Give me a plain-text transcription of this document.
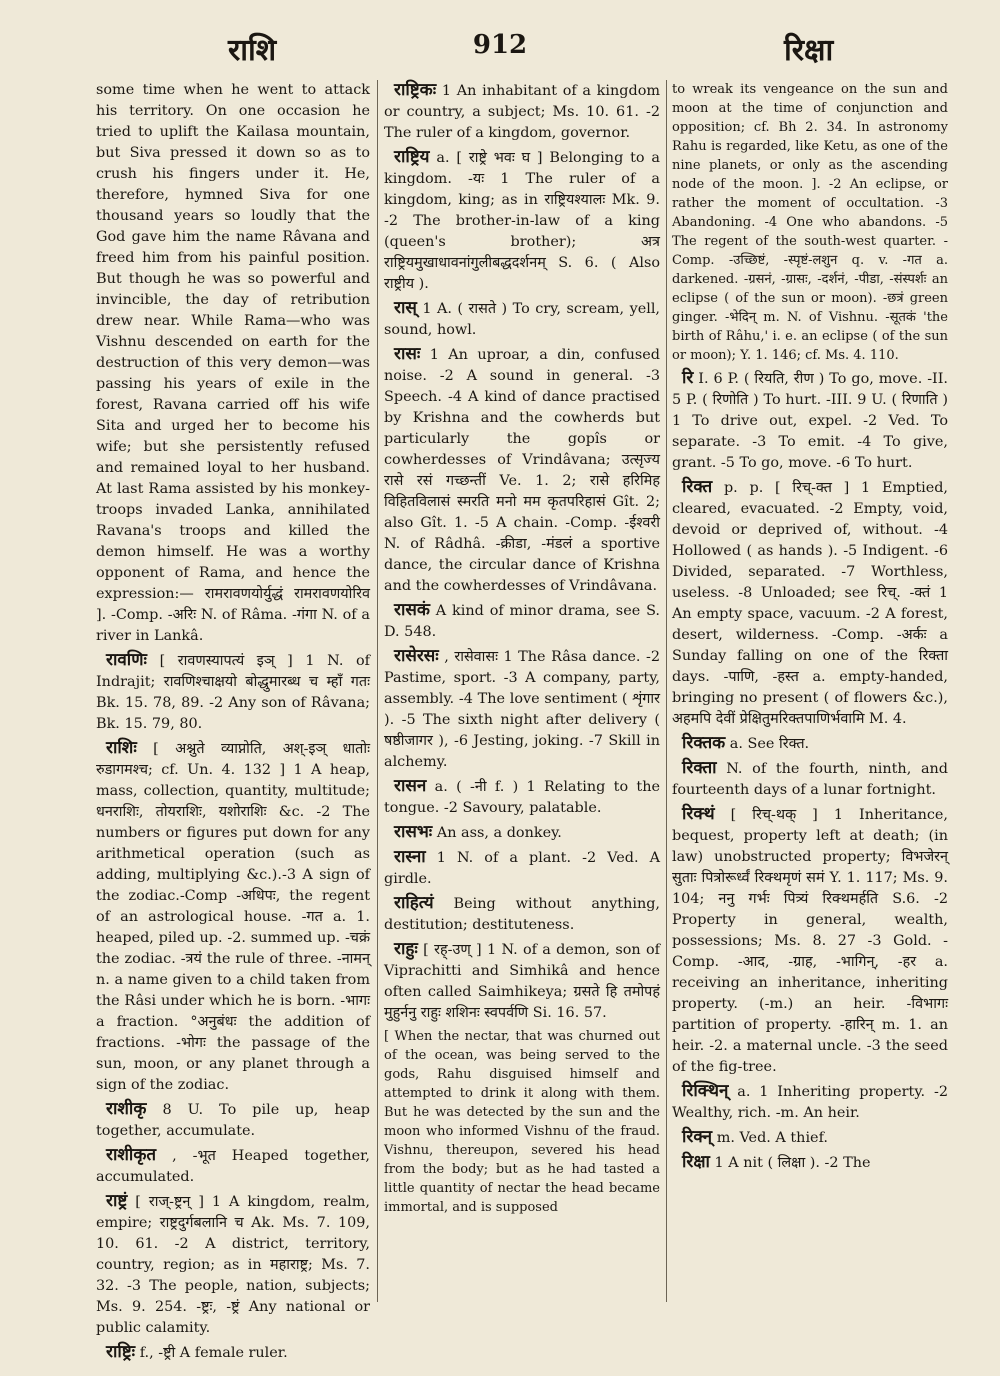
राशि	912	रिक्षा

some time when he went to attack his territory. On one occasion he tried to uplift the Kailasa mountain, but Siva pressed it down so as to crush his fingers under it. He, therefore, hymned Siva for one thousand years so loudly that the God gave him the name Râvana and freed him from his painful position. But though he was so powerful and invincible, the day of retribution drew near. While Rama—who was Vishnu descended on earth for the destruction of this very demon—was passing his years of exile in the forest, Ravana carried off his wife Sita and urged her to become his wife; but she persistently refused and remained loyal to her husband. At last Rama assisted by his monkey-troops invaded Lanka, annihilated Ravana's troops and killed the demon himself. He was a worthy opponent of Rama, and hence the expression:— रामरावणयोर्युद्धं रामरावणयोरिव ]. -Comp. -अरिः N. of Râma. -गंगा N. of a river in Lankâ.

रावणिः [ रावणस्यापत्यं इञ् ] 1 N. of Indrajit; रावणिश्चाक्षयो बोद्धुमारब्ध च म्हाँ गतः Bk. 15. 78, 89. -2 Any son of Râvana; Bk. 15. 79, 80.

राशिः [ अश्नुते व्याप्नोति, अश्-इञ् धातोः रुडागमश्च; cf. Un. 4. 132 ] 1 A heap, mass, collection, quantity, multitude; धनराशिः, तोयराशिः, यशोराशिः &c. -2 The numbers or figures put down for any arithmetical operation (such as adding, multiplying &c.).-3 A sign of the zodiac.-Comp -अधिपः, the regent of an astrological house. -गत a. 1. heaped, piled up. -2. summed up. -चक्रं the zodiac. -त्रयं the rule of three. -नामन् n. a name given to a child taken from the Râsi under which he is born. -भागः a fraction. °अनुबंधः the addition of fractions. -भोगः the passage of the sun, moon, or any planet through a sign of the zodiac.

राशीकृ 8 U. To pile up, heap together, accumulate.

राशीकृत , -भूत Heaped together, accumulated.

राष्ट्रं [ राज्-ष्ट्रन् ] 1 A kingdom, realm, empire; राष्ट्रदुर्गबलानि च Ak. Ms. 7. 109, 10. 61. -2 A district, territory, country, region; as in महाराष्ट्र; Ms. 7. 32. -3 The people, nation, subjects; Ms. 9. 254. -ष्ट्रः, -ष्ट्रं Any national or public calamity.

राष्ट्रिः f., -ष्ट्री A female ruler.

राष्ट्रिकः 1 An inhabitant of a kingdom or country, a subject; Ms. 10. 61. -2 The ruler of a kingdom, governor.

राष्ट्रिय a. [ राष्ट्रे भवः घ ] Belonging to a kingdom. -यः 1 The ruler of a kingdom, king; as in राष्ट्रियश्यालः Mk. 9. -2 The brother-in-law of a king (queen's brother); अत्र राष्ट्रियमुखाधावनांगुलीबद्धदर्शनम् S. 6. ( Also राष्ट्रीय ).

रास् 1 A. ( रासते ) To cry, scream, yell, sound, howl.

रासः 1 An uproar, a din, confused noise. -2 A sound in general. -3 Speech. -4 A kind of dance practised by Krishna and the cowherds but particularly the gopîs or cowherdesses of Vrindâvana; उत्सृज्य रासे रसं गच्छन्तीं Ve. 1. 2; रासे हरिमिह विहितविलासं स्मरति मनो मम कृतपरिहासं Gît. 2; also Gît. 1. -5 A chain. -Comp. -ईश्वरी N. of Râdhâ. -क्रीडा, -मंडलं a sportive dance, the circular dance of Krishna and the cowherdesses of Vrindâvana.

रासकं A kind of minor drama, see S. D. 548.

रासेरसः , रासेवासः 1 The Râsa dance. -2 Pastime, sport. -3 A company, party, assembly. -4 The love sentiment ( शृंगार ). -5 The sixth night after delivery ( षष्ठीजागर ), -6 Jesting, joking. -7 Skill in alchemy.

रासन a. ( -नी f. ) 1 Relating to the tongue. -2 Savoury, palatable.

रासभः An ass, a donkey.

रास्ना 1 N. of a plant. -2 Ved. A girdle.

राहित्यं Being without anything, destitution; destituteness.

राहुः [ रह्-उण् ] 1 N. of a demon, son of Viprachitti and Simhikâ and hence often called Saimhikeya; ग्रसते हि तमोपहं मुहुर्ननु राहुः शशिनः स्वपर्वणि Si. 16. 57.

[ When the nectar, that was churned out of the ocean, was being served to the gods, Rahu disguised himself and attempted to drink it along with them. But he was detected by the sun and the moon who informed Vishnu of the fraud. Vishnu, thereupon, severed his head from the body; but as he had tasted a little quantity of nectar the head became immortal, and is supposed

to wreak its vengeance on the sun and moon at the time of conjunction and opposition; cf. Bh 2. 34. In astronomy Rahu is regarded, like Ketu, as one of the nine planets, or only as the ascending node of the moon. ]. -2 An eclipse, or rather the moment of occultation. -3 Abandoning. -4 One who abandons. -5 The regent of the south-west quarter. -Comp. -उच्छिष्टं, -स्पृष्टं-लशुन q. v. -गत a. darkened. -ग्रसनं, -ग्रासः, -दर्शनं, -पीडा, -संस्पर्शः an eclipse ( of the sun or moon). -छत्रं green ginger. -भेदिन् m. N. of Vishnu. -सूतकं 'the birth of Râhu,' i. e. an eclipse ( of the sun or moon); Y. 1. 146; cf. Ms. 4. 110.

रि I. 6 P. ( रियति, रीण ) To go, move. -II. 5 P. ( रिणोति ) To hurt. -III. 9 U. ( रिणाति ) 1 To drive out, expel. -2 Ved. To separate. -3 To emit. -4 To give, grant. -5 To go, move. -6 To hurt.

रिक्त p. p. [ रिच्-क्त ] 1 Emptied, cleared, evacuated. -2 Empty, void, devoid or deprived of, without. -4 Hollowed ( as hands ). -5 Indigent. -6 Divided, separated. -7 Worthless, useless. -8 Unloaded; see रिच्. -क्तं 1 An empty space, vacuum. -2 A forest, desert, wilderness. -Comp. -अर्कः a Sunday falling on one of the रिक्ता days. -पाणि, -हस्त a. empty-handed, bringing no present ( of flowers &c.), अहमपि देवीं प्रेक्षितुमरिक्तपाणिर्भवामि M. 4.

रिक्तक a. See रिक्त.

रिक्ता N. of the fourth, ninth, and fourteenth days of a lunar fortnight.

रिक्थं [ रिच्-थक् ] 1 Inheritance, bequest, property left at death; (in law) unobstructed property; विभजेरन् सुताः पित्रोरूर्ध्वं रिक्थमृणं समं Y. 1. 117; Ms. 9. 104; ननु गर्भः पित्र्यं रिक्थमर्हति S.6. -2 Property in general, wealth, possessions; Ms. 8. 27 -3 Gold. -Comp. -आद, -ग्राह, -भागिन्, -हर a. receiving an inheritance, inheriting property. (-m.) an heir. -विभागः partition of property. -हारिन् m. 1. an heir. -2. a maternal uncle. -3 the seed of the fig-tree.

रिक्थिन् a. 1 Inheriting property. -2 Wealthy, rich. -m. An heir.

रिक्न् m. Ved. A thief.

रिक्षा 1 A nit ( लिक्षा ). -2 The
